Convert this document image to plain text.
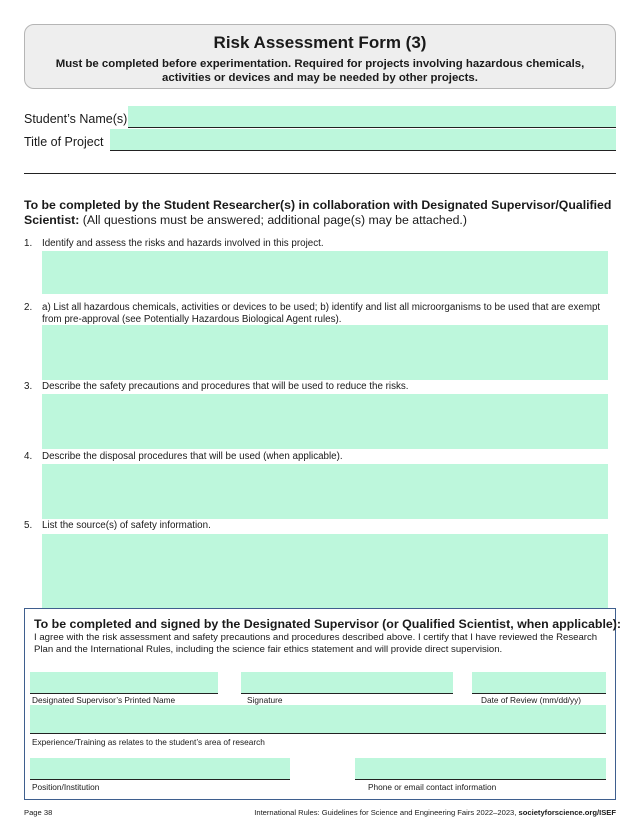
Risk Assessment Form (3)
Must be completed before experimentation. Required for projects involving hazardous chemicals, activities or devices and may be needed by other projects.
Student’s Name(s)
Title of Project
To be completed by the Student Researcher(s) in collaboration with Designated Supervisor/Qualified Scientist: (All questions must be answered; additional page(s) may be attached.)
1. Identify and assess the risks and hazards involved in this project.
2. a) List all hazardous chemicals, activities or devices to be used; b) identify and list all microorganisms to be used that are exempt from pre-approval (see Potentially Hazardous Biological Agent rules).
3. Describe the safety precautions and procedures that will be used to reduce the risks.
4. Describe the disposal procedures that will be used (when applicable).
5. List the source(s) of safety information.
To be completed and signed by the Designated Supervisor (or Qualified Scientist, when applicable):
I agree with the risk assessment and safety precautions and procedures described above. I certify that I have reviewed the Research Plan and the International Rules, including the science fair ethics statement and will provide direct supervision.
Designated Supervisor’s Printed Name	Signature	Date of Review (mm/dd/yy)
Experience/Training as relates to the student’s area of research
Position/Institution	Phone or email contact information
Page 38	International Rules: Guidelines for Science and Engineering Fairs 2022–2023, societyforscience.org/ISEF
